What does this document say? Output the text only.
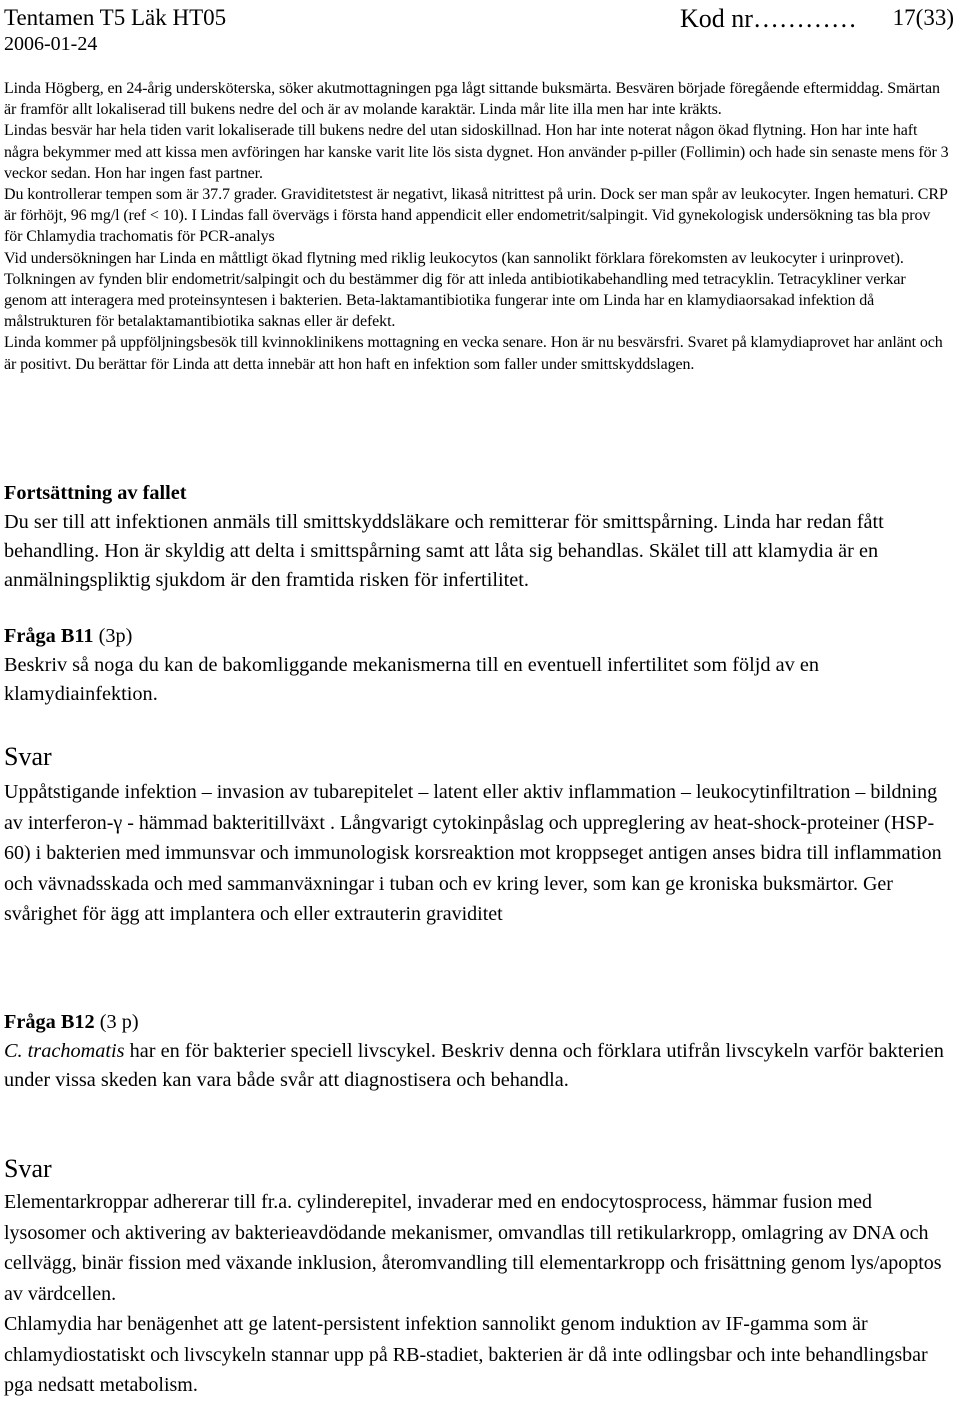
Tentamen T5 Läk HT05
2006-01-24
Kod nr………… 17(33)

Linda Högberg, en 24-årig undersköterska, söker akutmottagningen pga lågt sittande buksmärta. Besvären började föregående eftermiddag. Smärtan är framför allt lokaliserad till bukens nedre del och är av molande karaktär. Linda mår lite illa men har inte kräkts.

Lindas besvär har hela tiden varit lokaliserade till bukens nedre del utan sidoskillnad. Hon har inte noterat någon ökad flytning. Hon har inte haft några bekymmer med att kissa men avföringen har kanske varit lite lös sista dygnet. Hon använder p-piller (Follimin) och hade sin senaste mens för 3 veckor sedan. Hon har ingen fast partner.

Du kontrollerar tempen som är 37.7 grader. Graviditetstest är negativt, likaså nitrittest på urin. Dock ser man spår av leukocyter. Ingen hematuri. CRP är förhöjt, 96 mg/l (ref < 10). I Lindas fall övervägs i första hand appendicit eller endometrit/salpingit. Vid gynekologisk undersökning tas bla prov för Chlamydia trachomatis för PCR-analys

Vid undersökningen har Linda en måttligt ökad flytning med riklig leukocytos (kan sannolikt förklara förekomsten av leukocyter i urinprovet). Tolkningen av fynden blir endometrit/salpingit och du bestämmer dig för att inleda antibiotikabehandling med tetracyklin. Tetracykliner verkar genom att interagera med proteinsyntesen i bakterien. Beta-laktamantibiotika fungerar inte om Linda har en klamydiaorsakad infektion då målstrukturen för betalaktamantibiotika saknas eller är defekt.

Linda kommer på uppföljningsbesök till kvinnoklinikens mottagning en vecka senare. Hon är nu besvärsfri. Svaret på klamydiaprovet har anlänt och är positivt. Du berättar för Linda att detta innebär att hon haft en infektion som faller under smittskyddslagen.

Fortsättning av fallet

Du ser till att infektionen anmäls till smittskyddsläkare och remitterar för smittspårning. Linda har redan fått behandling. Hon är skyldig att delta i smittspårning samt att låta sig behandlas. Skälet till att klamydia är en anmälningspliktig sjukdom är den framtida risken för infertilitet.

Fråga B11 (3p)

Beskriv så noga du kan de bakomliggande mekanismerna till en eventuell infertilitet som följd av en klamydiainfektion.

Svar

Uppåtstigande infektion – invasion av tubarepitelet – latent eller aktiv inflammation – leukocytinfiltration – bildning av interferon-γ - hämmad bakteritillväxt . Långvarigt cytokinpåslag och uppreglering av heat-shock-proteiner (HSP-60) i bakterien med immunsvar och immunologisk korsreaktion mot kroppseget antigen anses bidra till inflammation och vävnadsskada och med sammanväxningar i tuban och ev kring lever, som kan ge kroniska buksmärtor. Ger svårighet för ägg att implantera och eller extrauterin graviditet

Fråga B12 (3 p)

C. trachomatis har en för bakterier speciell livscykel. Beskriv denna och förklara utifrån livscykeln varför bakterien under vissa skeden kan vara både svår att diagnostisera och behandla.

Svar

Elementarkroppar adhererar till fr.a. cylinderepitel, invaderar med en endocytosprocess, hämmar fusion med lysosomer och aktivering av bakterieavdödande mekanismer, omvandlas till retikularkropp, omlagring av DNA och cellvägg, binär fission med växande inklusion, återomvandling till elementarkropp och frisättning genom lys/apoptos av värdcellen.

Chlamydia har benägenhet att ge latent-persistent infektion sannolikt genom induktion av IF-gamma som är chlamydiostatiskt och livscykeln stannar upp på RB-stadiet, bakterien är då inte odlingsbar och inte behandlingsbar pga nedsatt metabolism.
